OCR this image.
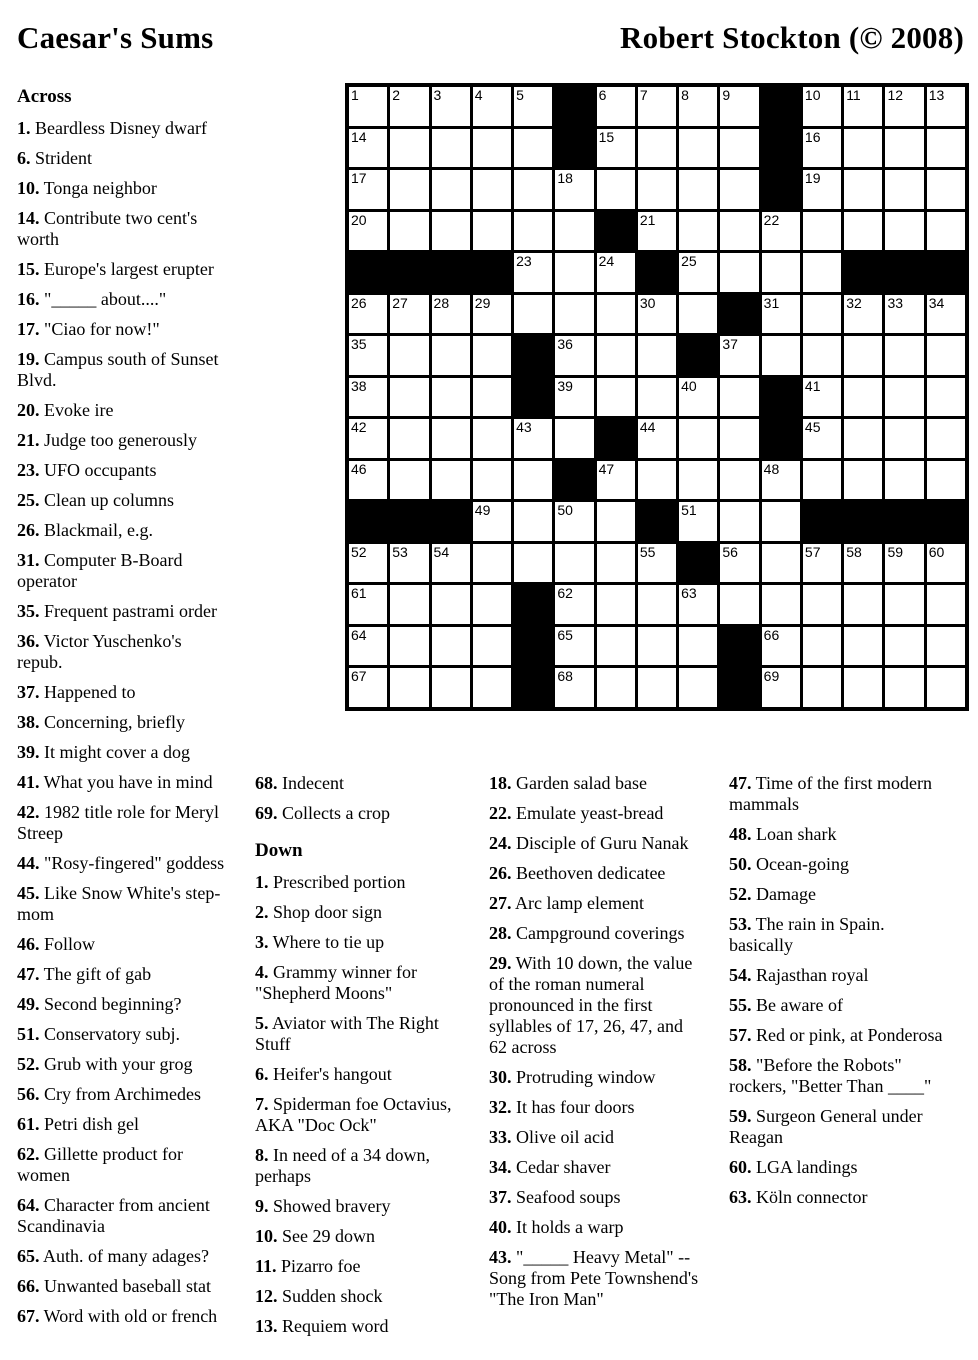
Caesar's Sums	Robert Stockton (© 2008)
1 2 3 4 5	6 7 8 9	10 11 12 13
14	15	16
17	18	19
20	21	22
23	24	25
26 27 28 29	30	31	32 33 34
35	36	37
38	39	40	41
42	43	44	45
46	47	48
49	50	51
52 53 54	55	56	57 58 59 60
61	62	63
64	65	66
67	68	69
Across

1. Beardless Disney dwarf

6. Strident

10. Tonga neighbor

14. Contribute two cent's worth

15. Europe's largest erupter

16. "_____ about...."

17. "Ciao for now!"

19. Campus south of Sunset Blvd.

20. Evoke ire

21. Judge too generously

23. UFO occupants

25. Clean up columns

26. Blackmail, e.g.

31. Computer B-Board operator

35. Frequent pastrami order

36. Victor Yuschenko's repub.

37. Happened to

38. Concerning, briefly

39. It might cover a dog

41. What you have in mind

42. 1982 title role for Meryl Streep

44. "Rosy-fingered" goddess

45. Like Snow White's step-mom

46. Follow

47. The gift of gab

49. Second beginning?

51. Conservatory subj.

52. Grub with your grog

56. Cry from Archimedes

61. Petri dish gel

62. Gillette product for women

64. Character from ancient Scandinavia

65. Auth. of many adages?

66. Unwanted baseball stat

67. Word with old or french

68. Indecent

69. Collects a crop

Down

1. Prescribed portion

2. Shop door sign

3. Where to tie up

4. Grammy winner for "Shepherd Moons"

5. Aviator with The Right Stuff

6. Heifer's hangout

7. Spiderman foe Octavius, AKA "Doc Ock"

8. In need of a 34 down, perhaps

9. Showed bravery

10. See 29 down

11. Pizarro foe

12. Sudden shock

13. Requiem word

18. Garden salad base

22. Emulate yeast-bread

24. Disciple of Guru Nanak

26. Beethoven dedicatee

27. Arc lamp element

28. Campground coverings

29. With 10 down, the value of the roman numeral pronounced in the first syllables of 17, 26, 47, and 62 across

30. Protruding window

32. It has four doors

33. Olive oil acid

34. Cedar shaver

37. Seafood soups

40. It holds a warp

43. "_____ Heavy Metal" -- Song from Pete Townshend's "The Iron Man"

47. Time of the first modern mammals

48. Loan shark

50. Ocean-going

52. Damage

53. The rain in Spain. basically

54. Rajasthan royal

55. Be aware of

57. Red or pink, at Ponderosa

58. "Before the Robots" rockers, "Better Than ____"

59. Surgeon General under Reagan

60. LGA landings

63. Köln connector
